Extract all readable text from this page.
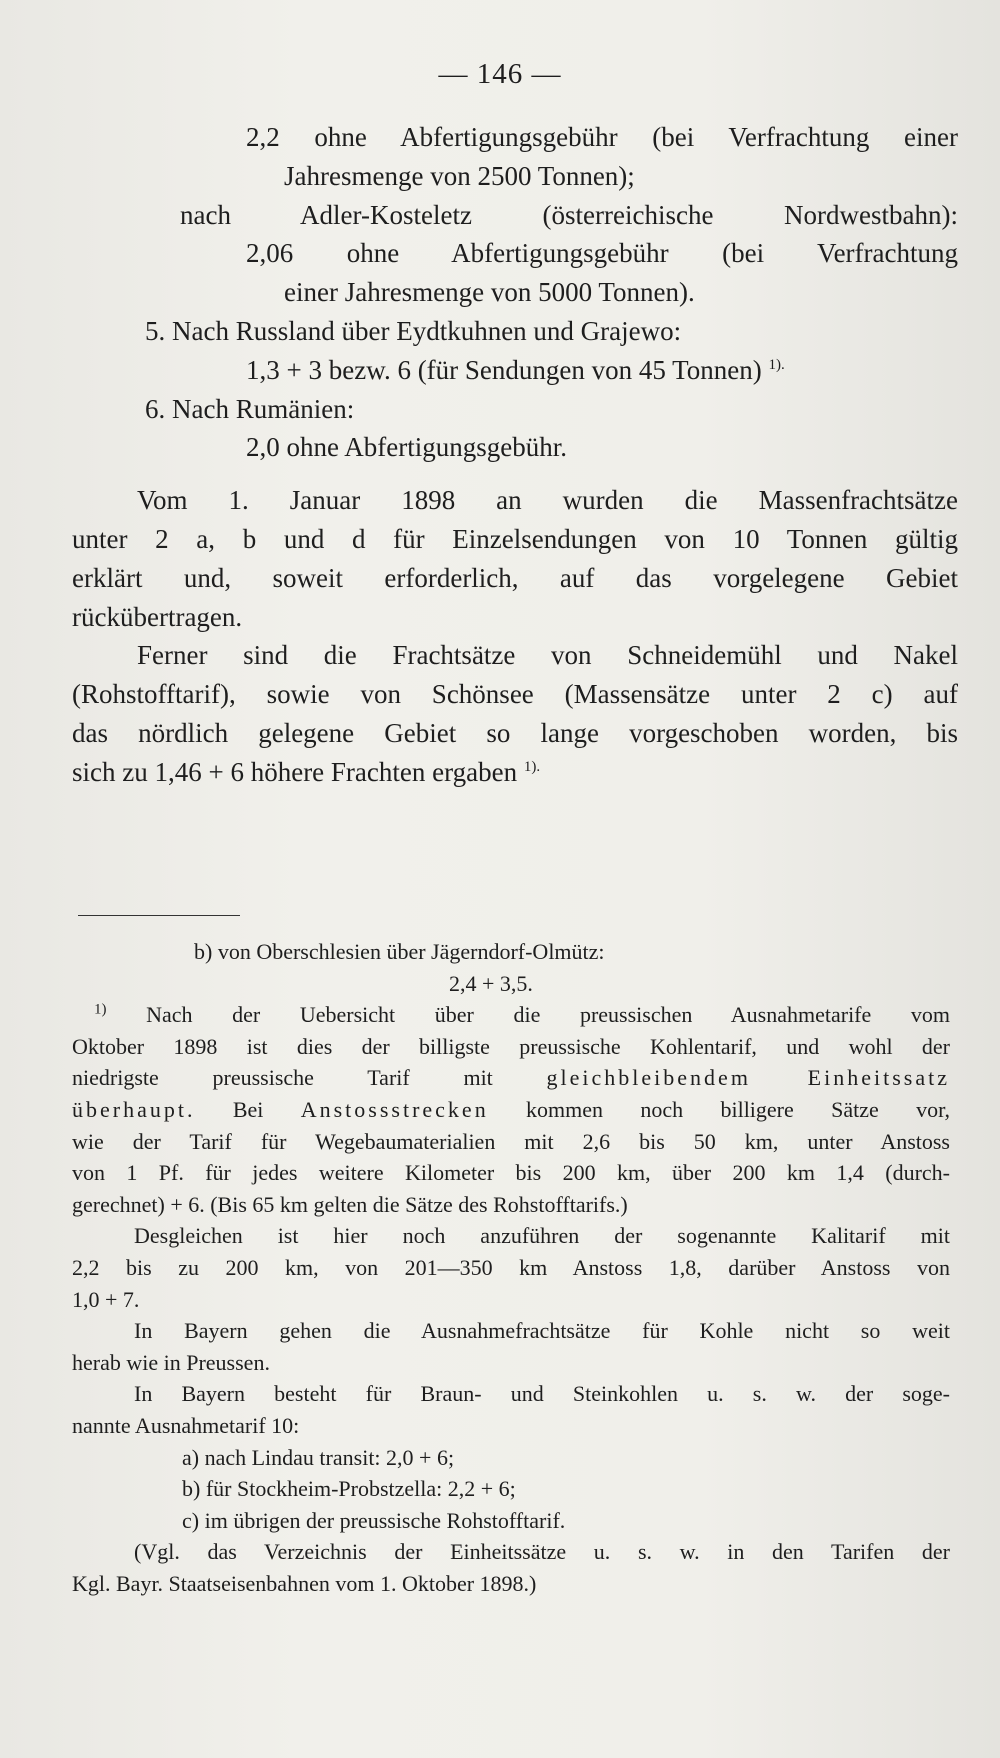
— 146 —
2,2 ohne Abfertigungsgebühr (bei Verfrachtung einer
Jahresmenge von 2500 Tonnen);
nach Adler-Kosteletz (österreichische Nordwestbahn):
2,06 ohne Abfertigungsgebühr (bei Verfrachtung
einer Jahresmenge von 5000 Tonnen).
5. Nach Russland über Eydtkuhnen und Grajewo:
1,3 + 3 bezw. 6 (für Sendungen von 45 Tonnen) $^{1).}$
6. Nach Rumänien:
2,0 ohne Abfertigungsgebühr.
Vom 1. Januar 1898 an wurden die Massenfrachtsätze
unter 2 a, b und d für Einzelsendungen von 10 Tonnen gültig
erklärt und, soweit erforderlich, auf das vorgelegene Gebiet
rückübertragen.
Ferner sind die Frachtsätze von Schneidemühl und Nakel
(Rohstofftarif), sowie von Schönsee (Massensätze unter 2 c) auf
das nördlich gelegene Gebiet so lange vorgeschoben worden, bis
sich zu 1,46 + 6 höhere Frachten ergaben $^{1).}$
b) von Oberschlesien über Jägerndorf-Olmütz:
2,4 + 3,5.
$^{1)}$ Nach der Uebersicht über die preussischen Ausnahmetarife vom
Oktober 1898 ist dies der billigste preussische Kohlentarif, und wohl der
niedrigste preussische Tarif mit gleichbleibendem Einheitssatz
überhaupt. Bei Anstossstrecken kommen noch billigere Sätze vor,
wie der Tarif für Wegebaumaterialien mit 2,6 bis 50 km, unter Anstoss
von 1 Pf. für jedes weitere Kilometer bis 200 km, über 200 km 1,4 (durch-
gerechnet) + 6. (Bis 65 km gelten die Sätze des Rohstofftarifs.)
Desgleichen ist hier noch anzuführen der sogenannte Kalitarif mit
2,2 bis zu 200 km, von 201—350 km Anstoss 1,8, darüber Anstoss von
1,0 + 7.
In Bayern gehen die Ausnahmefrachtsätze für Kohle nicht so weit
herab wie in Preussen.
In Bayern besteht für Braun- und Steinkohlen u. s. w. der soge-
nannte Ausnahmetarif 10:
a) nach Lindau transit: 2,0 + 6;
b) für Stockheim-Probstzella: 2,2 + 6;
c) im übrigen der preussische Rohstofftarif.
(Vgl. das Verzeichnis der Einheitssätze u. s. w. in den Tarifen der
Kgl. Bayr. Staatseisenbahnen vom 1. Oktober 1898.)
